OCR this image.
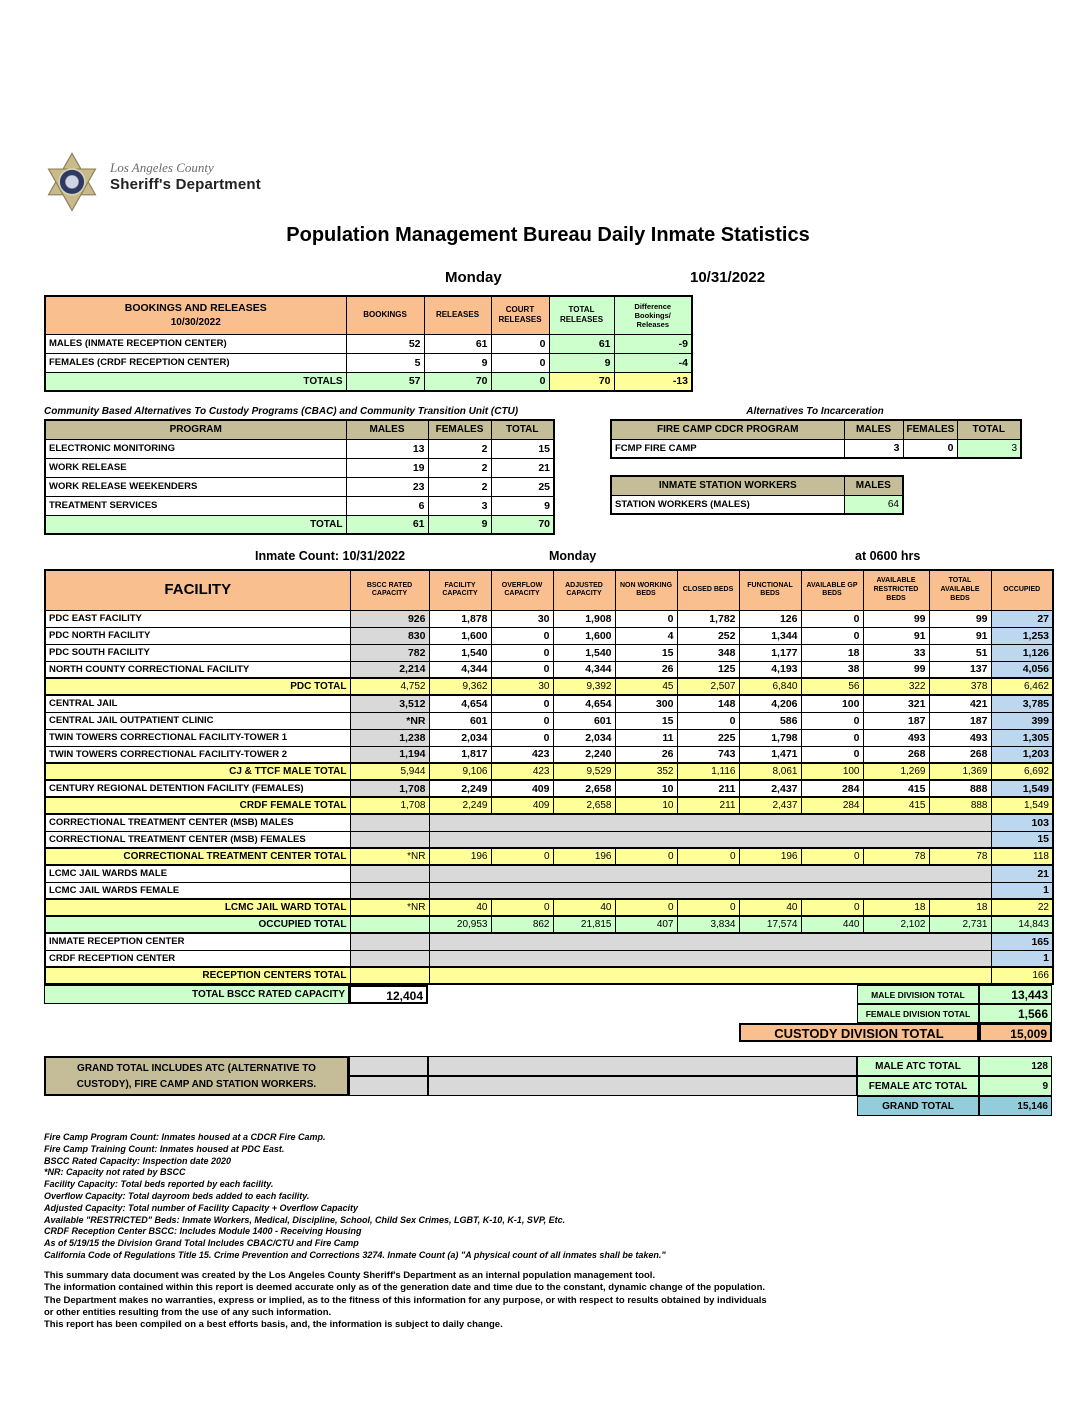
Los Angeles County
Sheriff's Department
Population Management Bureau Daily Inmate Statistics
Monday	10/31/2022
BOOKINGS AND RELEASES
10/30/2022	BOOKINGS	RELEASES	COURT RELEASES	TOTAL RELEASES	Difference Bookings/ Releases
MALES (INMATE RECEPTION CENTER)	52	61	0	61	-9
FEMALES (CRDF RECEPTION CENTER)	5	9	0	9	-4
TOTALS	57	70	0	70	-13
Community Based Alternatives To Custody Programs (CBAC) and Community Transition Unit (CTU)
PROGRAM	MALES	FEMALES	TOTAL
ELECTRONIC MONITORING	13	2	15
WORK RELEASE	19	2	21
WORK RELEASE WEEKENDERS	23	2	25
TREATMENT SERVICES	6	3	9
TOTAL	61	9	70
Alternatives To Incarceration
FIRE CAMP CDCR PROGRAM	MALES	FEMALES	TOTAL
FCMP FIRE CAMP	3	0	3
INMATE STATION WORKERS	MALES
STATION WORKERS (MALES)	64
Inmate Count: 10/31/2022	Monday	at 0600 hrs
FACILITY	BSCC RATED CAPACITY	FACILITY CAPACITY	OVERFLOW CAPACITY	ADJUSTED CAPACITY	NON WORKING BEDS	CLOSED BEDS	FUNCTIONAL BEDS	AVAILABLE GP BEDS	AVAILABLE RESTRICTED BEDS	TOTAL AVAILABLE BEDS	OCCUPIED
PDC EAST FACILITY	926	1,878	30	1,908	0	1,782	126	0	99	99	27
PDC NORTH FACILITY	830	1,600	0	1,600	4	252	1,344	0	91	91	1,253
PDC SOUTH FACILITY	782	1,540	0	1,540	15	348	1,177	18	33	51	1,126
NORTH COUNTY CORRECTIONAL FACILITY	2,214	4,344	0	4,344	26	125	4,193	38	99	137	4,056
PDC TOTAL	4,752	9,362	30	9,392	45	2,507	6,840	56	322	378	6,462
CENTRAL JAIL	3,512	4,654	0	4,654	300	148	4,206	100	321	421	3,785
CENTRAL JAIL OUTPATIENT CLINIC	*NR	601	0	601	15	0	586	0	187	187	399
TWIN TOWERS CORRECTIONAL FACILITY-TOWER 1	1,238	2,034	0	2,034	11	225	1,798	0	493	493	1,305
TWIN TOWERS CORRECTIONAL FACILITY-TOWER 2	1,194	1,817	423	2,240	26	743	1,471	0	268	268	1,203
CJ & TTCF MALE TOTAL	5,944	9,106	423	9,529	352	1,116	8,061	100	1,269	1,369	6,692
CENTURY REGIONAL DETENTION FACILITY (FEMALES)	1,708	2,249	409	2,658	10	211	2,437	284	415	888	1,549
CRDF FEMALE TOTAL	1,708	2,249	409	2,658	10	211	2,437	284	415	888	1,549
CORRECTIONAL TREATMENT CENTER (MSB) MALES											103
CORRECTIONAL TREATMENT CENTER (MSB) FEMALES											15
CORRECTIONAL TREATMENT CENTER TOTAL	*NR	196	0	196	0	0	196	0	78	78	118
LCMC JAIL WARDS MALE											21
LCMC JAIL WARDS FEMALE											1
LCMC JAIL WARD TOTAL	*NR	40	0	40	0	0	40	0	18	18	22
OCCUPIED TOTAL		20,953	862	21,815	407	3,834	17,574	440	2,102	2,731	14,843
INMATE RECEPTION CENTER											165
CRDF RECEPTION CENTER											1
RECEPTION CENTERS TOTAL											166
TOTAL BSCC RATED CAPACITY	12,404	MALE DIVISION TOTAL	13,443
FEMALE DIVISION TOTAL	1,566
CUSTODY DIVISION TOTAL	15,009
GRAND TOTAL INCLUDES ATC (ALTERNATIVE TO CUSTODY), FIRE CAMP AND STATION WORKERS.
MALE ATC TOTAL	128
FEMALE ATC TOTAL	9
GRAND TOTAL	15,146
Fire Camp Program Count: Inmates housed at a CDCR Fire Camp.
Fire Camp Training Count: Inmates housed at PDC East.
BSCC Rated Capacity: Inspection date 2020
*NR: Capacity not rated by BSCC
Facility Capacity: Total beds reported by each facility.
Overflow Capacity: Total dayroom beds added to each facility.
Adjusted Capacity: Total number of Facility Capacity + Overflow Capacity
Available "RESTRICTED" Beds: Inmate Workers, Medical, Discipline, School, Child Sex Crimes, LGBT, K-10, K-1, SVP, Etc.
CRDF Reception Center BSCC: Includes Module 1400 - Receiving Housing
As of 5/19/15 the Division Grand Total Includes CBAC/CTU and Fire Camp
California Code of Regulations Title 15. Crime Prevention and Corrections 3274. Inmate Count (a) "A physical count of all inmates shall be taken."
This summary data document was created by the Los Angeles County Sheriff's Department as an internal population management tool.
The information contained within this report is deemed accurate only as of the generation date and time due to the constant, dynamic change of the population.
The Department makes no warranties, express or implied, as to the fitness of this information for any purpose, or with respect to results obtained by individuals
or other entities resulting from the use of any such information.
This report has been compiled on a best efforts basis, and, the information is subject to daily change.
